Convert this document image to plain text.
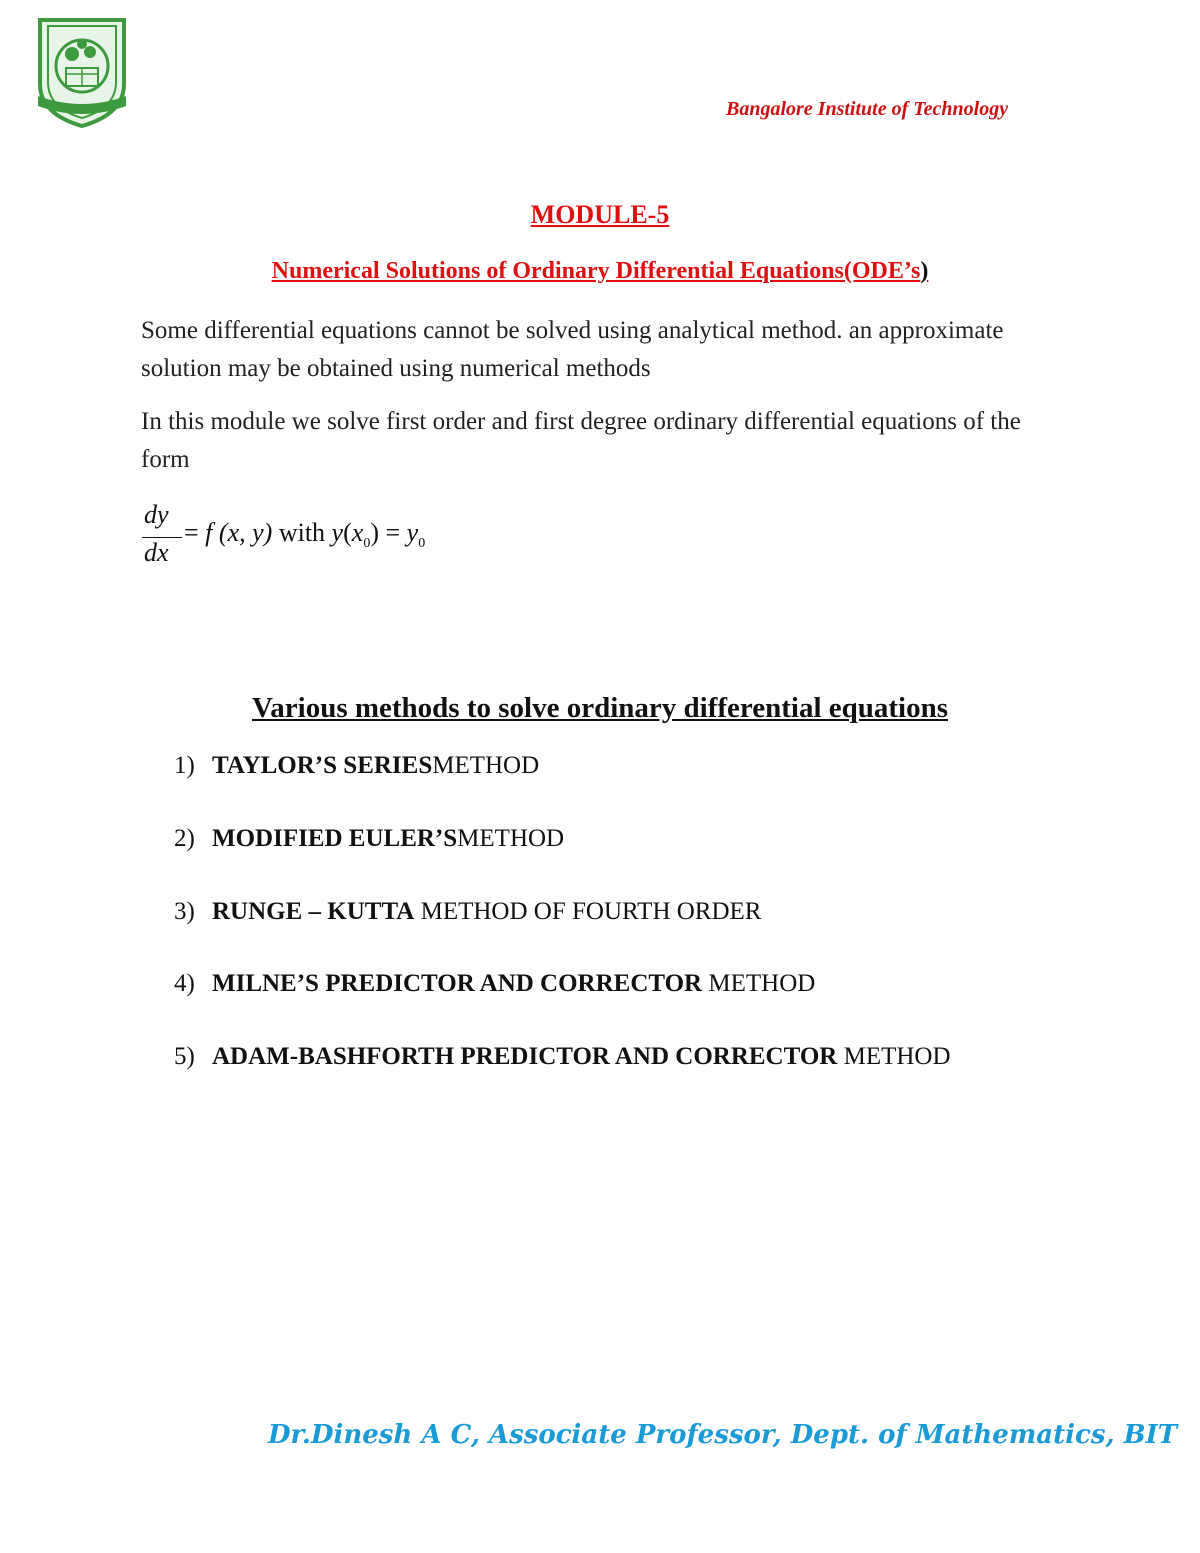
Bangalore Institute of Technology
MODULE-5
Numerical Solutions of Ordinary Differential Equations(ODE’s)
Some differential equations cannot be solved using analytical method. an approximate solution may be obtained using numerical methods
In this module we solve first order and first degree ordinary differential equations of the form
dy
dx
= f (x, y) with $y(x_0) = y_0$
Various methods to solve ordinary differential equations
1) TAYLOR’S SERIESMETHOD
2) MODIFIED EULER’SMETHOD
3) RUNGE – KUTTA METHOD OF FOURTH ORDER
4) MILNE’S PREDICTOR AND CORRECTOR METHOD
5) ADAM-BASHFORTH PREDICTOR AND CORRECTOR METHOD
Dr.Dinesh A C, Associate Professor, Dept. of Mathematics, BIT
